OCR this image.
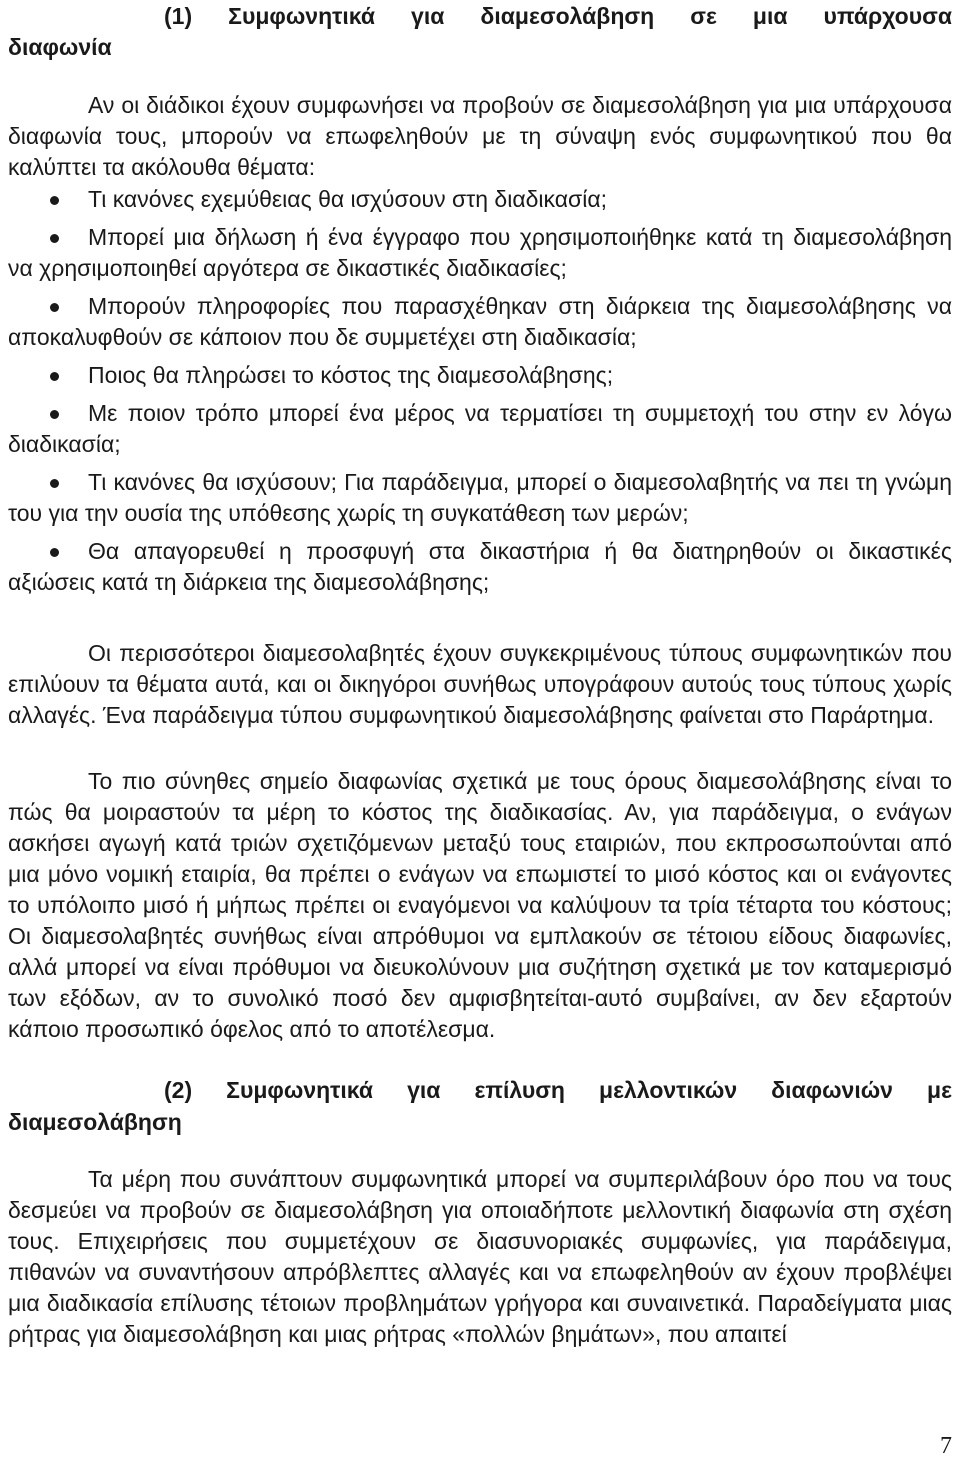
(1) Συμφωνητικά για διαμεσολάβηση σε μια υπάρχουσα

διαφωνία

Αν οι διάδικοι έχουν συμφωνήσει να προβούν σε διαμεσολάβηση για μια υπάρχουσα διαφωνία τους, μπορούν να επωφεληθούν με τη σύναψη ενός συμφωνητικού που θα καλύπτει τα ακόλουθα θέματα:

Τι κανόνες εχεμύθειας θα ισχύσουν στη διαδικασία;
Μπορεί μια δήλωση ή ένα έγγραφο που χρησιμοποιήθηκε κατά τη διαμεσολάβηση να χρησιμοποιηθεί αργότερα σε δικαστικές διαδικασίες;
Μπορούν πληροφορίες που παρασχέθηκαν στη διάρκεια της διαμεσολάβησης να αποκαλυφθούν σε κάποιον που δε συμμετέχει στη διαδικασία;
Ποιος θα πληρώσει το κόστος της διαμεσολάβησης;
Με ποιον τρόπο μπορεί ένα μέρος να τερματίσει τη συμμετοχή του στην εν λόγω διαδικασία;
Τι κανόνες θα ισχύσουν; Για παράδειγμα, μπορεί ο διαμεσολαβητής να πει τη γνώμη του για την ουσία της υπόθεσης χωρίς τη συγκατάθεση των μερών;
Θα απαγορευθεί η προσφυγή στα δικαστήρια ή θα διατηρηθούν οι δικαστικές αξιώσεις κατά τη διάρκεια της διαμεσολάβησης;

Οι περισσότεροι διαμεσολαβητές έχουν συγκεκριμένους τύπους συμφωνητικών που επιλύουν τα θέματα αυτά, και οι δικηγόροι συνήθως υπογράφουν αυτούς τους τύπους χωρίς αλλαγές. Ένα παράδειγμα τύπου συμφωνητικού διαμεσολάβησης φαίνεται στο Παράρτημα.

Το πιο σύνηθες σημείο διαφωνίας σχετικά με τους όρους διαμεσολάβησης είναι το πώς θα μοιραστούν τα μέρη το κόστος της διαδικασίας. Αν, για παράδειγμα, ο ενάγων ασκήσει αγωγή κατά τριών σχετιζόμενων μεταξύ τους εταιριών, που εκπροσωπούνται από μια μόνο νομική εταιρία, θα πρέπει ο ενάγων να επωμιστεί το μισό κόστος και οι ενάγοντες το υπόλοιπο μισό ή μήπως πρέπει οι εναγόμενοι να καλύψουν τα τρία τέταρτα του κόστους; Οι διαμεσολαβητές συνήθως είναι απρόθυμοι να εμπλακούν σε τέτοιου είδους διαφωνίες, αλλά μπορεί να είναι πρόθυμοι να διευκολύνουν μια συζήτηση σχετικά με τον καταμερισμό των εξόδων, αν το συνολικό ποσό δεν αμφισβητείται-αυτό συμβαίνει, αν δεν εξαρτούν κάποιο προσωπικό όφελος από το αποτέλεσμα.

(2) Συμφωνητικά για επίλυση μελλοντικών διαφωνιών με

διαμεσολάβηση

Τα μέρη που συνάπτουν συμφωνητικά μπορεί να συμπεριλάβουν όρο που να τους δεσμεύει να προβούν σε διαμεσολάβηση για οποιαδήποτε μελλοντική διαφωνία στη σχέση τους. Επιχειρήσεις που συμμετέχουν σε διασυνοριακές συμφωνίες, για παράδειγμα, πιθανών να συναντήσουν απρόβλεπτες αλλαγές και να επωφεληθούν αν έχουν προβλέψει μια διαδικασία επίλυσης τέτοιων προβλημάτων γρήγορα και συναινετικά. Παραδείγματα μιας ρήτρας για διαμεσολάβηση και μιας ρήτρας «πολλών βημάτων», που απαιτεί

7
